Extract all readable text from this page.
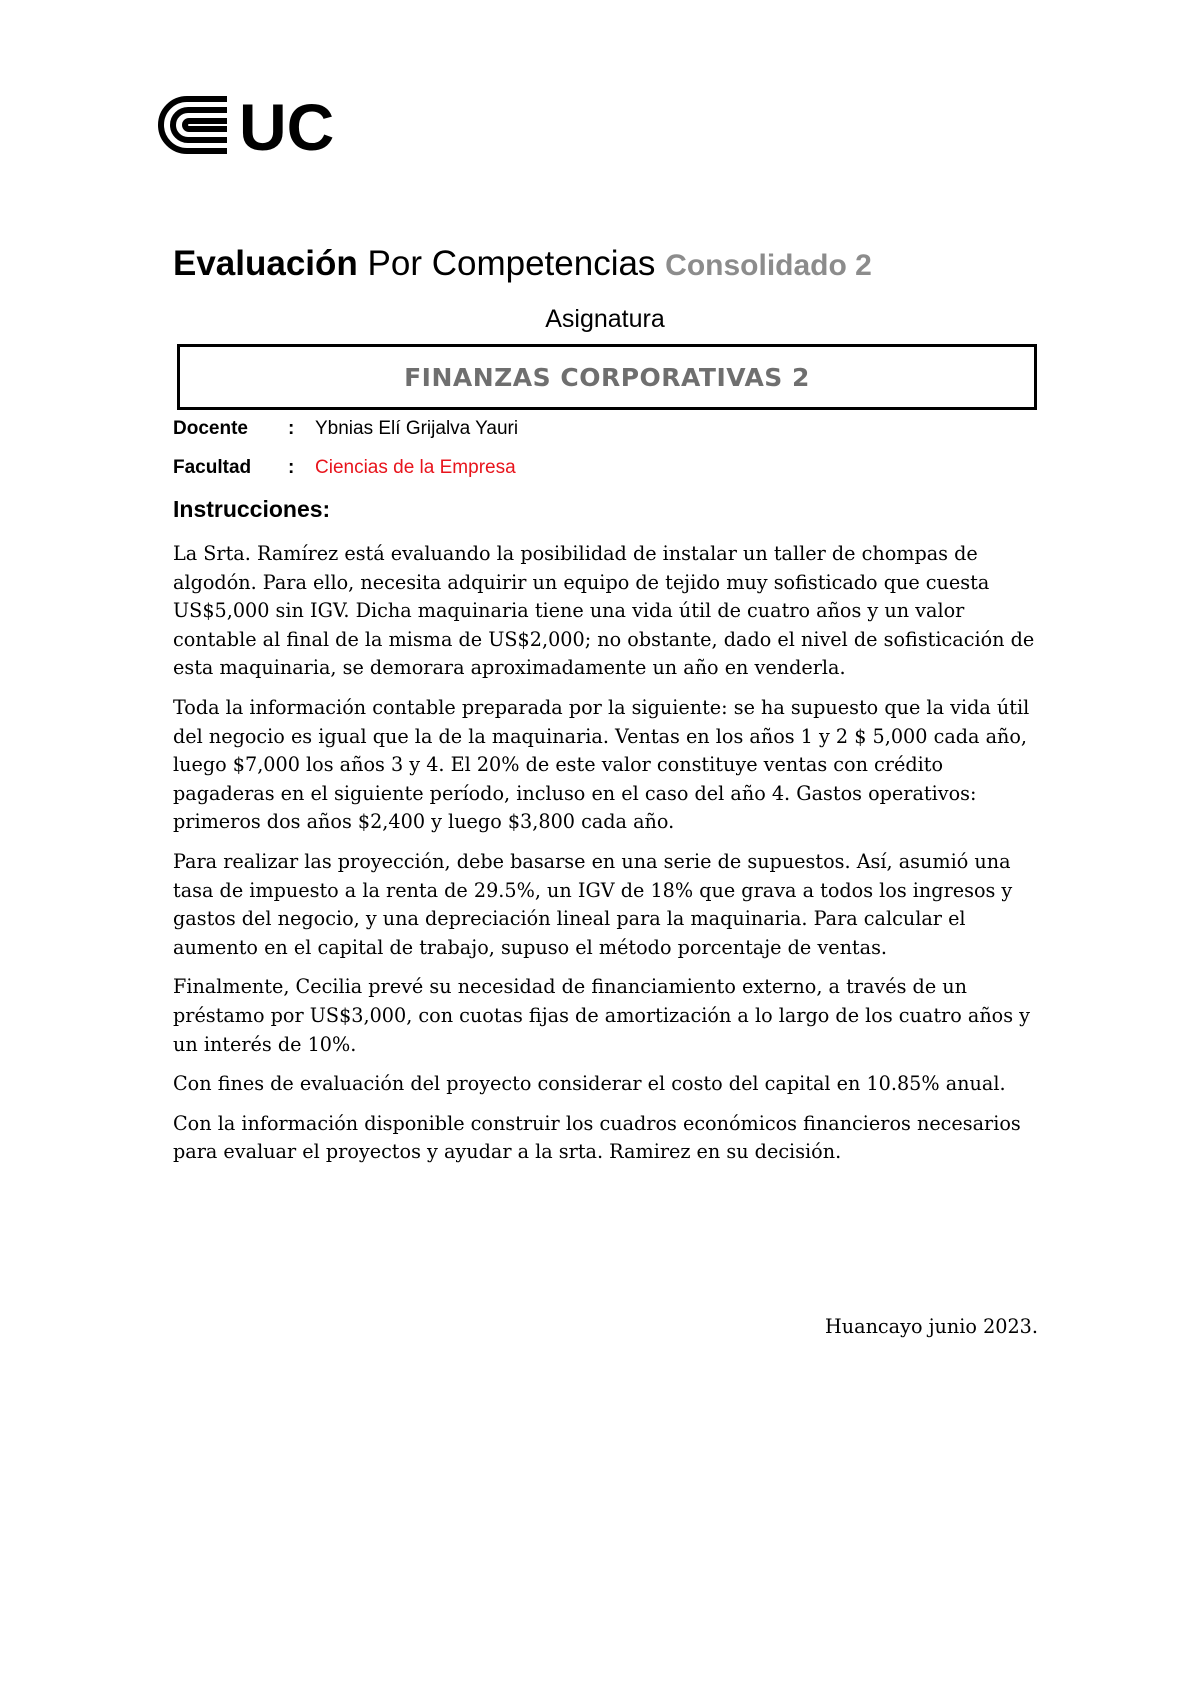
UC
Evaluación Por Competencias Consolidado 2
Asignatura
FINANZAS CORPORATIVAS 2
Docente : Ybnias Elí Grijalva Yauri
Facultad : Ciencias de la Empresa
Instrucciones:

La Srta. Ramírez está evaluando la posibilidad de instalar un taller de chompas de algodón. Para ello, necesita adquirir un equipo de tejido muy sofisticado que cuesta US$5,000 sin IGV. Dicha maquinaria tiene una vida útil de cuatro años y un valor contable al final de la misma de US$2,000; no obstante, dado el nivel de sofisticación de esta maquinaria, se demorara aproximadamente un año en venderla.

Toda la información contable preparada por la siguiente: se ha supuesto que la vida útil del negocio es igual que la de la maquinaria. Ventas en los años 1 y 2 $ 5,000 cada año, luego $7,000 los años 3 y 4. El 20% de este valor constituye ventas con crédito pagaderas en el siguiente período, incluso en el caso del año 4. Gastos operativos: primeros dos años $2,400 y luego $3,800 cada año.

Para realizar las proyección, debe basarse en una serie de supuestos. Así, asumió una tasa de impuesto a la renta de 29.5%, un IGV de 18% que grava a todos los ingresos y gastos del negocio, y una depreciación lineal para la maquinaria. Para calcular el aumento en el capital de trabajo, supuso el método porcentaje de ventas.

Finalmente, Cecilia prevé su necesidad de financiamiento externo, a través de un préstamo por US$3,000, con cuotas fijas de amortización a lo largo de los cuatro años y un interés de 10%.

Con fines de evaluación del proyecto considerar el costo del capital en 10.85% anual.

Con la información disponible construir los cuadros económicos financieros necesarios para evaluar el proyectos y ayudar a la srta. Ramirez en su decisión.

Huancayo junio 2023.
